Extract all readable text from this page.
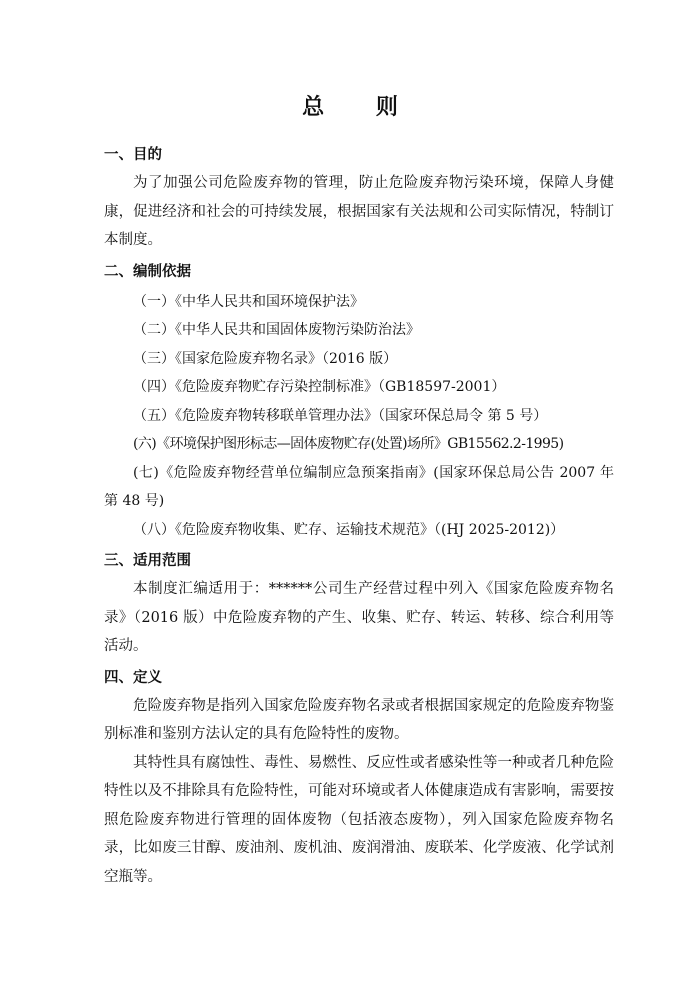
总 则

一、目的

为了加强公司危险废弃物的管理，防止危险废弃物污染环境，保障人身健康，促进经济和社会的可持续发展，根据国家有关法规和公司实际情况，特制订本制度。

二、编制依据

（一）《中华人民共和国环境保护法》

（二）《中华人民共和国固体废物污染防治法》

（三）《国家危险废弃物名录》（2016 版）

（四）《危险废弃物贮存污染控制标准》（GB18597-2001）

（五）《危险废弃物转移联单管理办法》（国家环保总局令 第 5 号）

(六)《环境保护图形标志—固体废物贮存(处置)场所》GB15562.2-1995)

(七)《危险废弃物经营单位编制应急预案指南》(国家环保总局公告 2007 年 第 48 号)

（八）《危险废弃物收集、贮存、运输技术规范》（(HJ 2025-2012)）

三、适用范围

本制度汇编适用于：******公司生产经营过程中列入《国家危险废弃物名录》（2016 版）中危险废弃物的产生、收集、贮存、转运、转移、综合利用等活动。

四、定义

危险废弃物是指列入国家危险废弃物名录或者根据国家规定的危险废弃物鉴别标准和鉴别方法认定的具有危险特性的废物。

其特性具有腐蚀性、毒性、易燃性、反应性或者感染性等一种或者几种危险特性以及不排除具有危险特性，可能对环境或者人体健康造成有害影响，需要按照危险废弃物进行管理的固体废物（包括液态废物），列入国家危险废弃物名录，比如废三甘醇、废油剂、废机油、废润滑油、废联苯、化学废液、化学试剂空瓶等。
